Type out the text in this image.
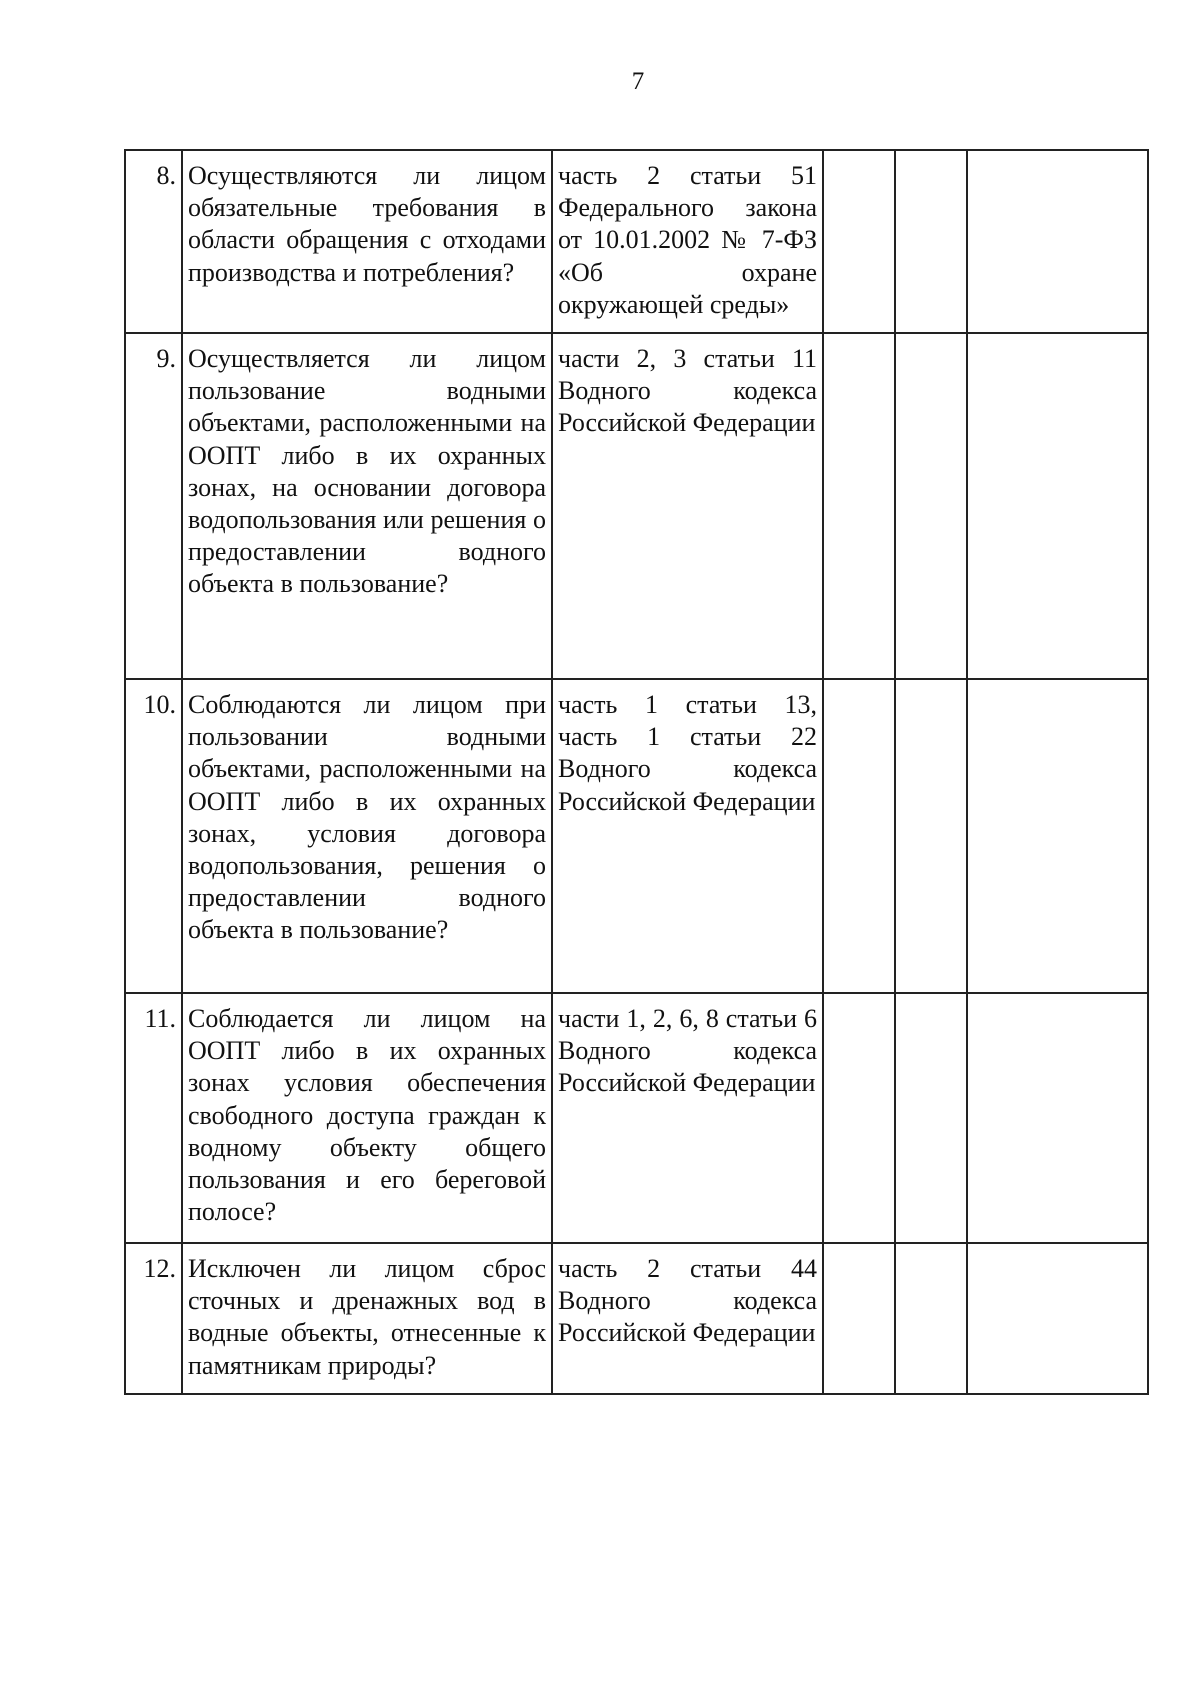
7
8.	Осуществляются ли лицом обязательные требования в области обращения с отходами производства и потребления?	часть 2 статьи 51 Федерального закона от 10.01.2002 № 7-ФЗ «Об охране окружающей среды»			
9.	Осуществляется ли лицом пользование водными объектами, расположенными на ООПТ либо в их охранных зонах, на основании договора водопользования или решения о предоставлении водного объекта в пользование?	части 2, 3 статьи 11 Водного кодекса Российской Федерации			
10.	Соблюдаются ли лицом при пользовании водными объектами, расположенными на ООПТ либо в их охранных зонах, условия договора водопользования, решения о предоставлении водного объекта в пользование?	часть 1 статьи 13, часть 1 статьи 22 Водного кодекса Российской Федерации			
11.	Соблюдается ли лицом на ООПТ либо в их охранных зонах условия обеспечения свободного доступа граждан к водному объекту общего пользования и его береговой полосе?	части 1, 2, 6, 8 статьи 6 Водного кодекса Российской Федерации			
12.	Исключен ли лицом сброс сточных и дренажных вод в водные объекты, отнесенные к памятникам природы?	часть 2 статьи 44 Водного кодекса Российской Федерации			
